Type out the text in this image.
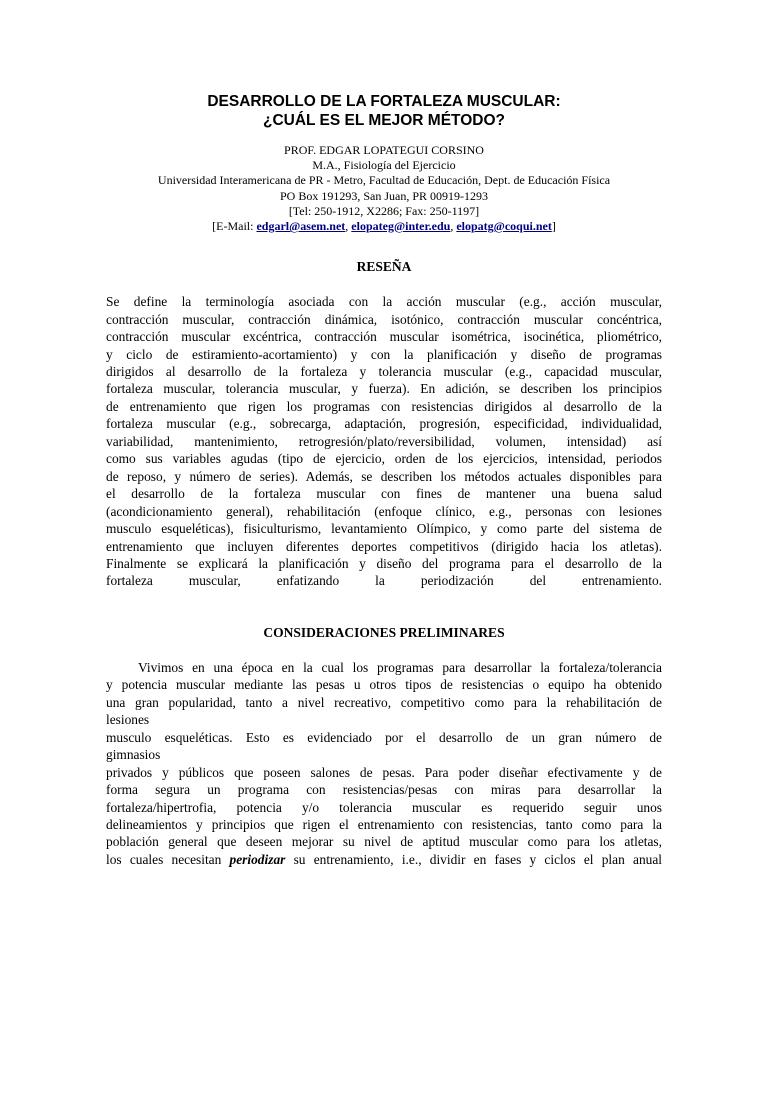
DESARROLLO DE LA FORTALEZA MUSCULAR:
¿CUÁL ES EL MEJOR MÉTODO?
PROF. EDGAR LOPATEGUI CORSINO
M.A., Fisiología del Ejercicio
Universidad Interamericana de PR - Metro, Facultad de Educación, Dept. de Educación Física
PO Box 191293, San Juan, PR 00919-1293
[Tel: 250-1912, X2286; Fax: 250-1197]
[E-Mail: edgarl@asem.net, elopateg@inter.edu, elopatg@coqui.net]
RESEÑA

Se define la terminología asociada con la acción muscular (e.g., acción muscular,
contracción muscular, contracción dinámica, isotónico, contracción muscular concéntrica,
contracción muscular excéntrica, contracción muscular isométrica, isocinética, pliométrico,
y ciclo de estiramiento-acortamiento) y con la planificación y diseño de programas
dirigidos al desarrollo de la fortaleza y tolerancia muscular (e.g., capacidad muscular,
fortaleza muscular, tolerancia muscular, y fuerza). En adición, se describen los principios
de entrenamiento que rigen los programas con resistencias dirigidos al desarrollo de la
fortaleza muscular (e.g., sobrecarga, adaptación, progresión, especificidad, individualidad,
variabilidad, mantenimiento, retrogresión/plato/reversibilidad, volumen, intensidad) así
como sus variables agudas (tipo de ejercicio, orden de los ejercicios, intensidad, periodos
de reposo, y número de series). Además, se describen los métodos actuales disponibles para
el desarrollo de la fortaleza muscular con fines de mantener una buena salud
(acondicionamiento general), rehabilitación (enfoque clínico, e.g., personas con lesiones
musculo esqueléticas), fisiculturismo, levantamiento Olímpico, y como parte del sistema de
entrenamiento que incluyen diferentes deportes competitivos (dirigido hacia los atletas).
Finalmente se explicará la planificación y diseño del programa para el desarrollo de la
fortaleza muscular, enfatizando la periodización del entrenamiento.

CONSIDERACIONES PRELIMINARES

Vivimos en una época en la cual los programas para desarrollar la fortaleza/tolerancia
y potencia muscular mediante las pesas u otros tipos de resistencias o equipo ha obtenido
una gran popularidad, tanto a nivel recreativo, competitivo como para la rehabilitación de
lesiones
musculo esqueléticas. Esto es evidenciado por el desarrollo de un gran número de
gimnasios
privados y públicos que poseen salones de pesas. Para poder diseñar efectivamente y de
forma segura un programa con resistencias/pesas con miras para desarrollar la
fortaleza/hipertrofia, potencia y/o tolerancia muscular es requerido seguir unos
delineamientos y principios que rigen el entrenamiento con resistencias, tanto como para la
población general que deseen mejorar su nivel de aptitud muscular como para los atletas,
los cuales necesitan periodizar su entrenamiento, i.e., dividir en fases y ciclos el plan anual
